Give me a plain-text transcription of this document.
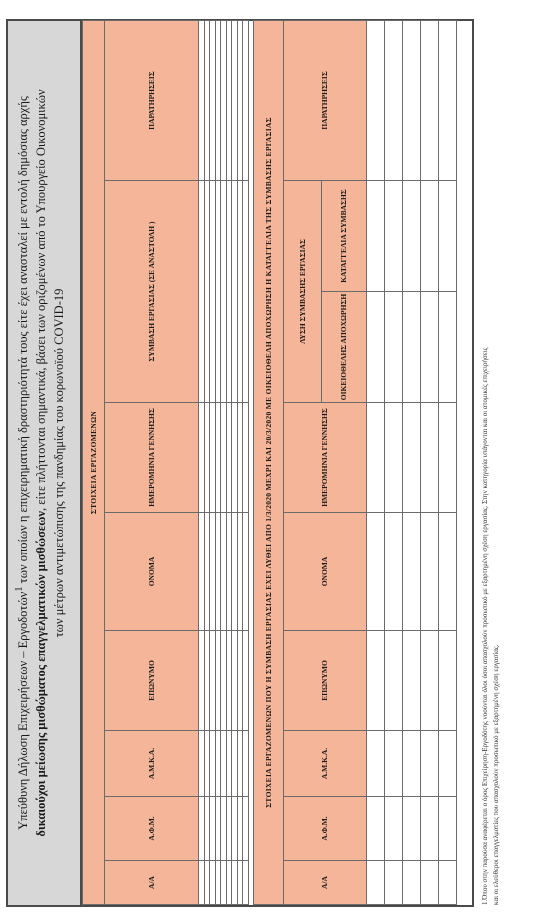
Υπεύθυνη Δήλωση Επιχειρήσεων – Εργοδοτών$^1$ των οποίων η επιχειρηματική δραστηριότητά τους είτε έχει ανασταλεί με εντολή δημόσιας αρχής
δικαιούχοι μείωσης μισθώματος επαγγελματικών μισθώσεων, είτε πλήττονται σημαντικά, βάσει των οριζομένων από το Υπουργείο Οικονομικών των μέτρων αντιμετώπισης της πανδημίας του κορωνοϊού COVID-19	ΣΤΟΙΧΕΙΑ ΕΡΓΑΖΟΜΕΝΩΝ							
Α/Α	Α.Φ.Μ.	Α.Μ.Κ.Α.	ΕΠΩΝΥΜΟ	ΟΝΟΜΑ	ΗΜΕΡΟΜΗΝΙΑ ΓΕΝΝΗΣΗΣ	ΣΥΜΒΑΣΗ ΕΡΓΑΣΙΑΣ (ΣΕ ΑΝΑΣΤΟΛΗ )	ΠΑΡΑΤΗΡΗΣΕΙΣ

ΣΤΟΙΧΕΙΑ ΕΡΓΑΖΟΜΕΝΩΝ ΠΟΥ Η ΣΥΜΒΑΣΗ ΕΡΓΑΣΙΑΣ ΕΧΕΙ ΛΥΘΕΙ ΑΠΟ 1/3/2020 ΜΕΧΡΙ ΚΑΙ 20/3/2020 ΜΕ ΟΙΚΕΙΟΘΕΛΗ ΑΠΟΧΩΡΗΣΗ Η ΚΑΤΑΓΓΕΛΙΑ ΤΗΣ ΣΥΜΒΑΣΗΣ ΕΡΓΑΣΙΑΣ								
Α/Α	Α.Φ.Μ.	Α.Μ.Κ.Α.	ΕΠΩΝΥΜΟ	ΟΝΟΜΑ	ΗΜΕΡΟΜΗΝΙΑ ΓΕΝΝΗΣΗΣ	ΛΥΣΗ ΣΥΜΒΑΣΗΣ ΕΡΓΑΣΙΑΣ		ΠΑΡΑΤΗΡΗΣΕΙΣ
						ΟΙΚΕΙΟΘΕΛΗΣ ΑΠΟΧΩΡΗΣΗ	ΚΑΤΑΓΓΕΛΙΑ ΣΥΜΒΑΣΗΣ	

1.Όπου στην παρούσα αναφέρεται ο όρος Επιχείρηση-Εργοδότης νοούνται όλοι όσοι απασχολούν προσωπικό με εξαρτημένη σχέση εργασίας. Στην κατηγορία υπάγονται και οι ατομικές επιχειρήσεις και οι ελεύθεροι επαγγελματίες που απασχολούν προσωπικό με εξαρτημένη σχέση εργασίας.
